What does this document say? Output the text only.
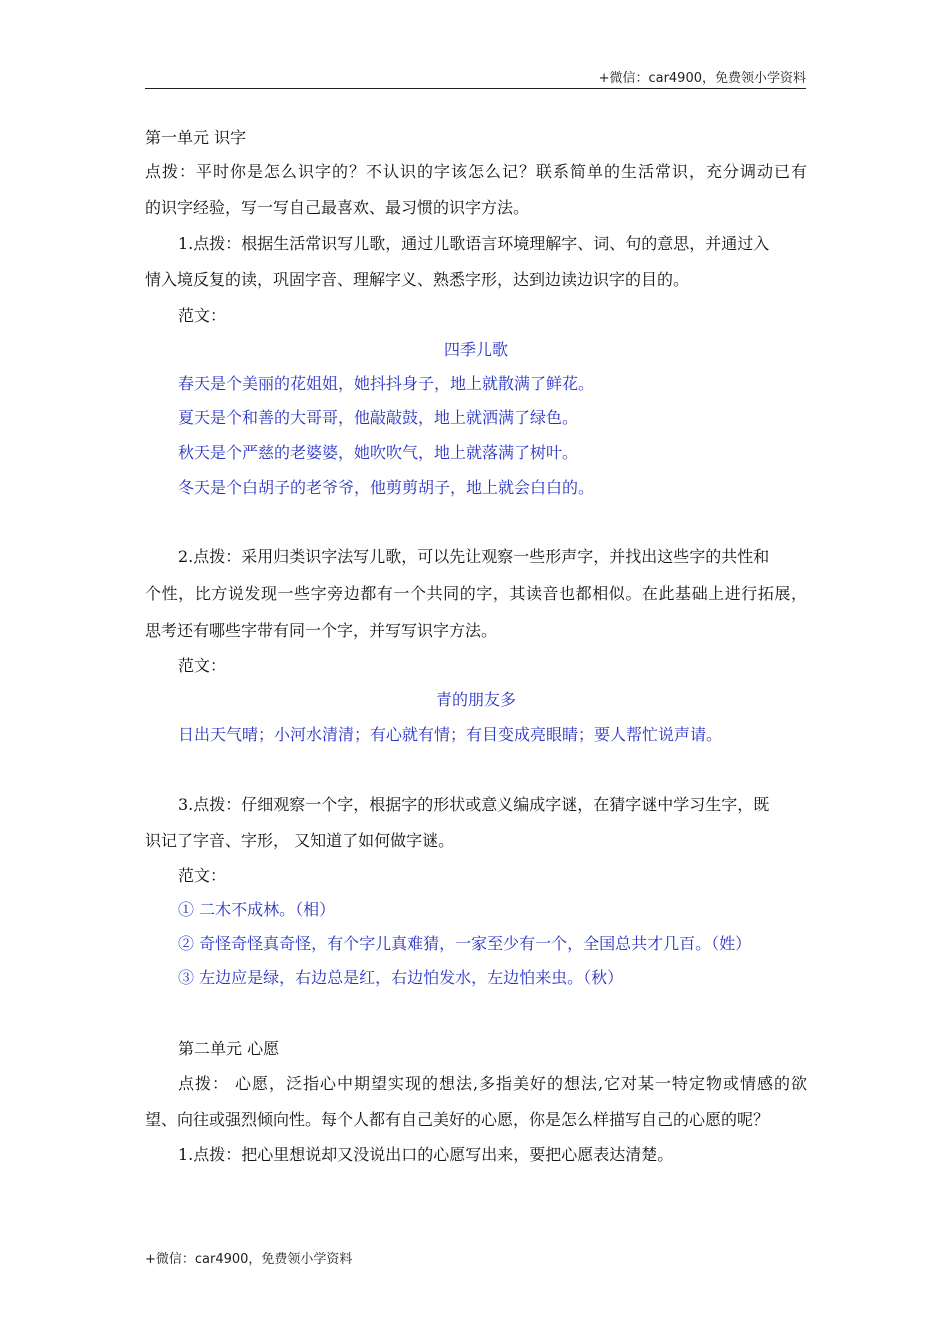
+微信：car4900，免费领小学资料
第一单元 识字
点拨：平时你是怎么识字的？不认识的字该怎么记？联系简单的生活常识，充分调动已有
的识字经验，写一写自己最喜欢、最习惯的识字方法。
1.点拨：根据生活常识写儿歌，通过儿歌语言环境理解字、词、句的意思，并通过入
情入境反复的读，巩固字音、理解字义、熟悉字形，达到边读边识字的目的。
范文：
四季儿歌
春天是个美丽的花姐姐，她抖抖身子，地上就散满了鲜花。
夏天是个和善的大哥哥，他敲敲鼓，地上就洒满了绿色。
秋天是个严慈的老婆婆，她吹吹气，地上就落满了树叶。
冬天是个白胡子的老爷爷，他剪剪胡子，地上就会白白的。
2.点拨：采用归类识字法写儿歌，可以先让观察一些形声字，并找出这些字的共性和
个性，比方说发现一些字旁边都有一个共同的字，其读音也都相似。在此基础上进行拓展，
思考还有哪些字带有同一个字，并写写识字方法。
范文：
青的朋友多
日出天气晴；小河水清清；有心就有情；有目变成亮眼睛；要人帮忙说声请。
3.点拨：仔细观察一个字，根据字的形状或意义编成字谜，在猜字谜中学习生字，既
识记了字音、字形， 又知道了如何做字谜。
范文：
① 二木不成林。（相）
② 奇怪奇怪真奇怪，有个字儿真难猜，一家至少有一个，全国总共才几百。（姓）
③ 左边应是绿，右边总是红，右边怕发水，左边怕来虫。（秋）
第二单元 心愿
点拨： 心愿，泛指心中期望实现的想法,多指美好的想法,它对某一特定物或情感的欲
望、向往或强烈倾向性。每个人都有自己美好的心愿，你是怎么样描写自己的心愿的呢？
1.点拨：把心里想说却又没说出口的心愿写出来，要把心愿表达清楚。
+微信：car4900，免费领小学资料
